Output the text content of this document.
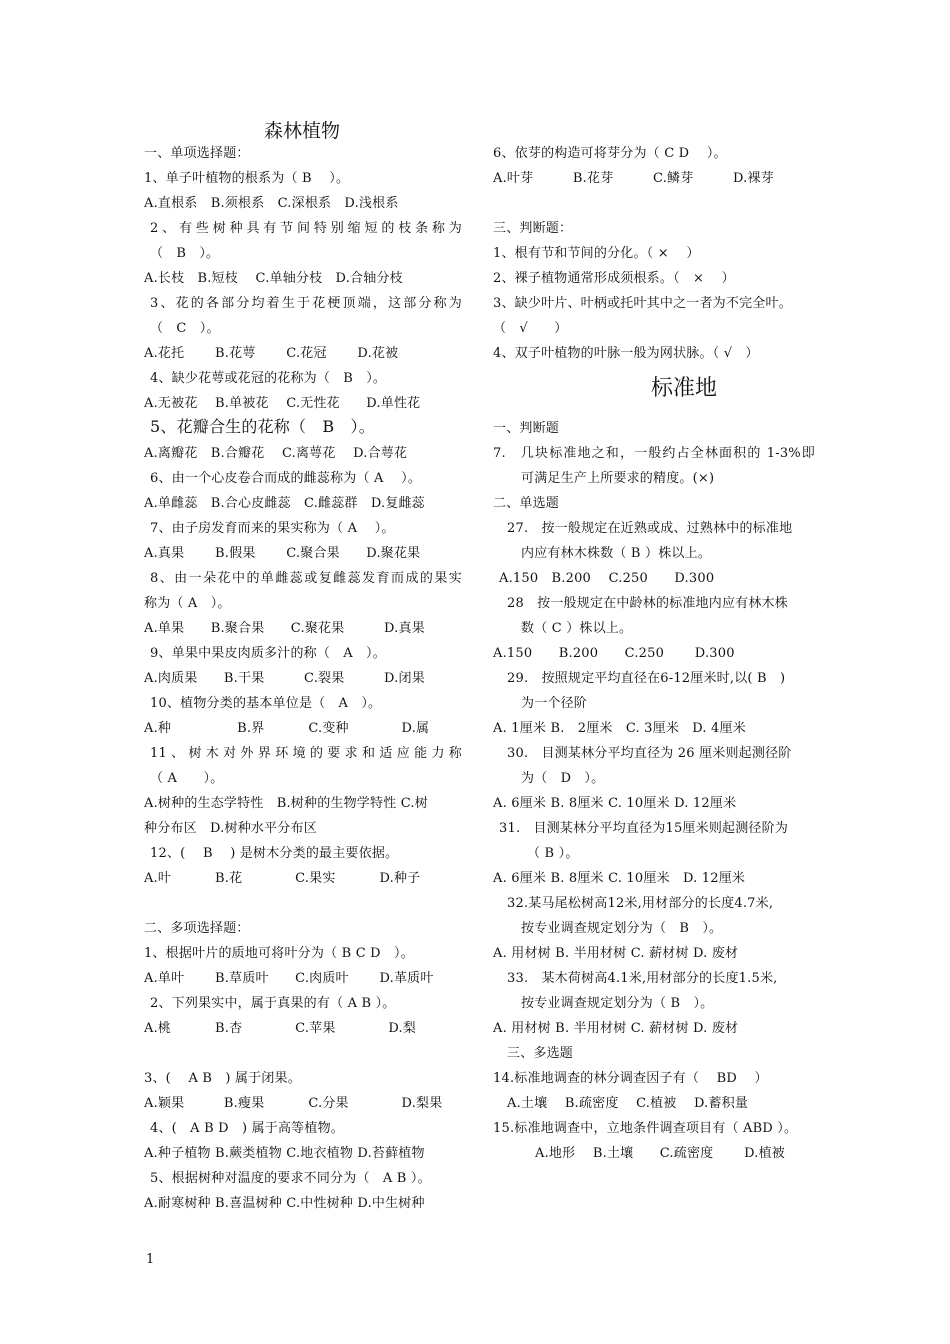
森林植物
一、单项选择题：
1、单子叶植物的根系为（ B　 ）。
A.直根系　B.须根系　C.深根系　D.浅根系
2、有些树种具有节间特别缩短的枝条称为
（　B　）。
A.长枝　B.短枝　 C.单轴分枝　D.合轴分枝
3、花的各部分均着生于花梗顶端，这部分称为
（　C　）。
A.花托　　 B.花萼　　 C.花冠　　 D.花被
4、缺少花萼或花冠的花称为（　B　）。
A.无被花　 B.单被花　 C.无性花　　D.单性花
5、花瓣合生的花称（　B　）。
A.离瓣花　B.合瓣花　 C.离萼花　 D.合萼花
6、由一个心皮卷合而成的雌蕊称为（ A　 ）。
A.单雌蕊　B.合心皮雌蕊　C.雌蕊群　D.复雌蕊
7、由子房发育而来的果实称为（ A　 ）。
A.真果　　 B.假果　　 C.聚合果　　D.聚花果
8、由一朵花中的单雌蕊或复雌蕊发育而成的果实
称为（ A　）。
A.单果　　B.聚合果　　C.聚花果　　　D.真果
9、单果中果皮肉质多汁的称（　A　）。
A.肉质果　　B.干果　　　C.裂果　　　D.闭果
10、植物分类的基本单位是（　A　）。
A.种　　　　　B.界　　　 C.变种　　　　D.属
11、树木对外界环境的要求和适应能力称
（ A　　）。
A.树种的生态学特性　B.树种的生物学特性 C.树
种分布区　D.树种水平分布区
12、(　 B　 ) 是树木分类的最主要依据。
A.叶　　　 B.花　　　　C.果实　　　 D.种子
二、多项选择题：
1、根据叶片的质地可将叶分为（ B C D　）。
A.单叶　　 B.草质叶　　C.肉质叶　　 D.革质叶
2、下列果实中，属于真果的有（ A B ）。
A.桃　　　 B.杏　　　　C.苹果　　　　D.梨
3、(　 A B　) 属于闭果。
A.颖果　　　B.瘦果　　　 C.分果　　　　D.梨果
4、(　A B D　) 属于高等植物。
A.种子植物 B.蕨类植物 C.地衣植物 D.苔藓植物
5、根据树种对温度的要求不同分为（　A B ）。
A.耐寒树种 B.喜温树种 C.中性树种 D.中生树种
6、依芽的构造可将芽分为（ C D　 ）。
A.叶芽　　　B.花芽　　　C.鳞芽　　　D.裸芽
三、判断题：
1、根有节和节间的分化。（ ×　 ）
2、裸子植物通常形成须根系。（　×　 ）
3、缺少叶片、叶柄或托叶其中之一者为不完全叶。
（　√　　）
4、双子叶植物的叶脉一般为网状脉。（ √　）
标准地
一、判断题
7.　几块标准地之和，一般约占全林面积的 1-3%即
可满足生产上所要求的精度。(×)
二、单选题
27.　按一般规定在近熟或成、过熟林中的标准地
内应有林木株数（ B ）株以上。
A.150　B.200　 C.250　　D.300
28　按一般规定在中龄林的标准地内应有林木株
数（ C ）株以上。
A.150　　B.200　　C.250　　 D.300
29.　按照规定平均直径在6-12厘米时,以( B　)
为一个径阶
A. 1厘米 B.　2厘米　C. 3厘米　D. 4厘米
30.　目测某林分平均直径为 26 厘米则起测径阶
为（　D　）。
A. 6厘米 B. 8厘米 C. 10厘米 D. 12厘米
31.　目测某林分平均直径为15厘米则起测径阶为
（ B ）。
A. 6厘米 B. 8厘米 C. 10厘米　D. 12厘米
32.某马尾松树高12米,用材部分的长度4.7米,
按专业调查规定划分为（　B　）。
A. 用材树 B. 半用材树 C. 薪材树 D. 废材
33.　某木荷树高4.1米,用材部分的长度1.5米,
按专业调查规定划分为（ B　）。
A. 用材树 B. 半用材树 C. 薪材树 D. 废材
三、多选题
14.标准地调查的林分调查因子有（　 BD　 ）
A.土壤　 B.疏密度　 C.植被　 D.蓄积量
15.标准地调查中，立地条件调查项目有（ ABD ）。
A.地形　 B.土壤　　C.疏密度　　 D.植被
1
